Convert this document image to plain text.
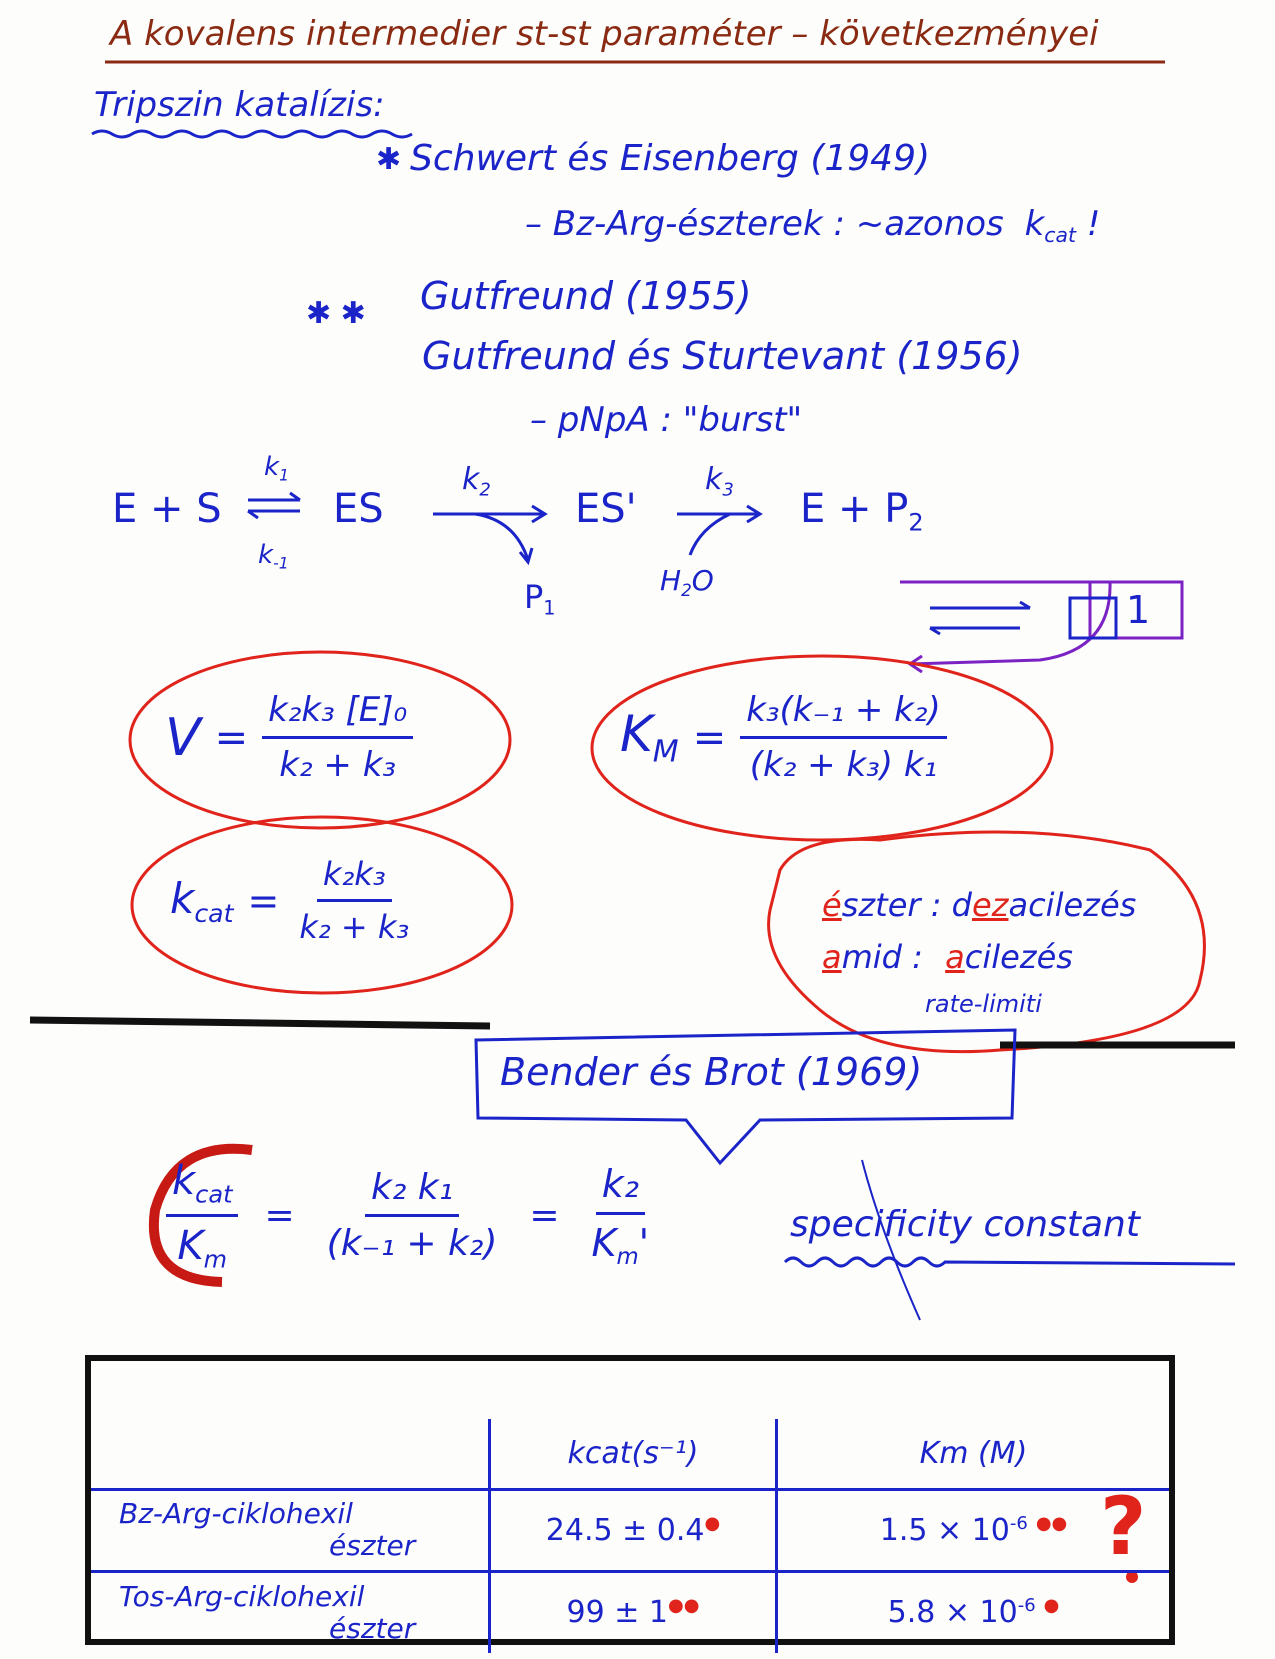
A kovalens intermedier st-st paraméter – következményei
Tripszin katalízis:
✱ Schwert és Eisenberg (1949)
– Bz-Arg-észterek : ~azonos $k_{cat}$ !
✱ ✱ Gutfreund (1955)
Gutfreund és Sturtevant (1956)
– pNpA : "burst"
E + S
$k_1$
$k_{-1}$
ES
$k_2$
$P_1$
ES'
$k_3$
$H_2O$
$E + P_2$
1
$V = \frac{\text{k₂k₃ [E]₀}}{\text{k₂ + k₃}}$	$K_M = \frac{\text{k₃(k₋₁ + k₂)}}{\text{(k₂ + k₃) k₁}}$
$k_{cat} = \frac{\text{k₂k₃}}{\text{k₂ + k₃}}$	észter : dezacilezés
amid : acilezés
rate-limiti
Bender és Brot (1969)
$\frac{k_{cat}}{K_m} = \frac{\text{k₂ k₁}}{\text{(k₋₁ + k₂)}} = \frac{\text{k₂}}{K_m'}$	specificity constant
	kcat(s⁻¹)	Km (M)

Bz-Arg-ciklohexil
észter	24.5 ± 0.4●	$1.5 \times 10^{-6}$ ●●

Tos-Arg-ciklohexil
észter	99 ± 1●●	$5.8 \times 10^{-6}$ ●
?
